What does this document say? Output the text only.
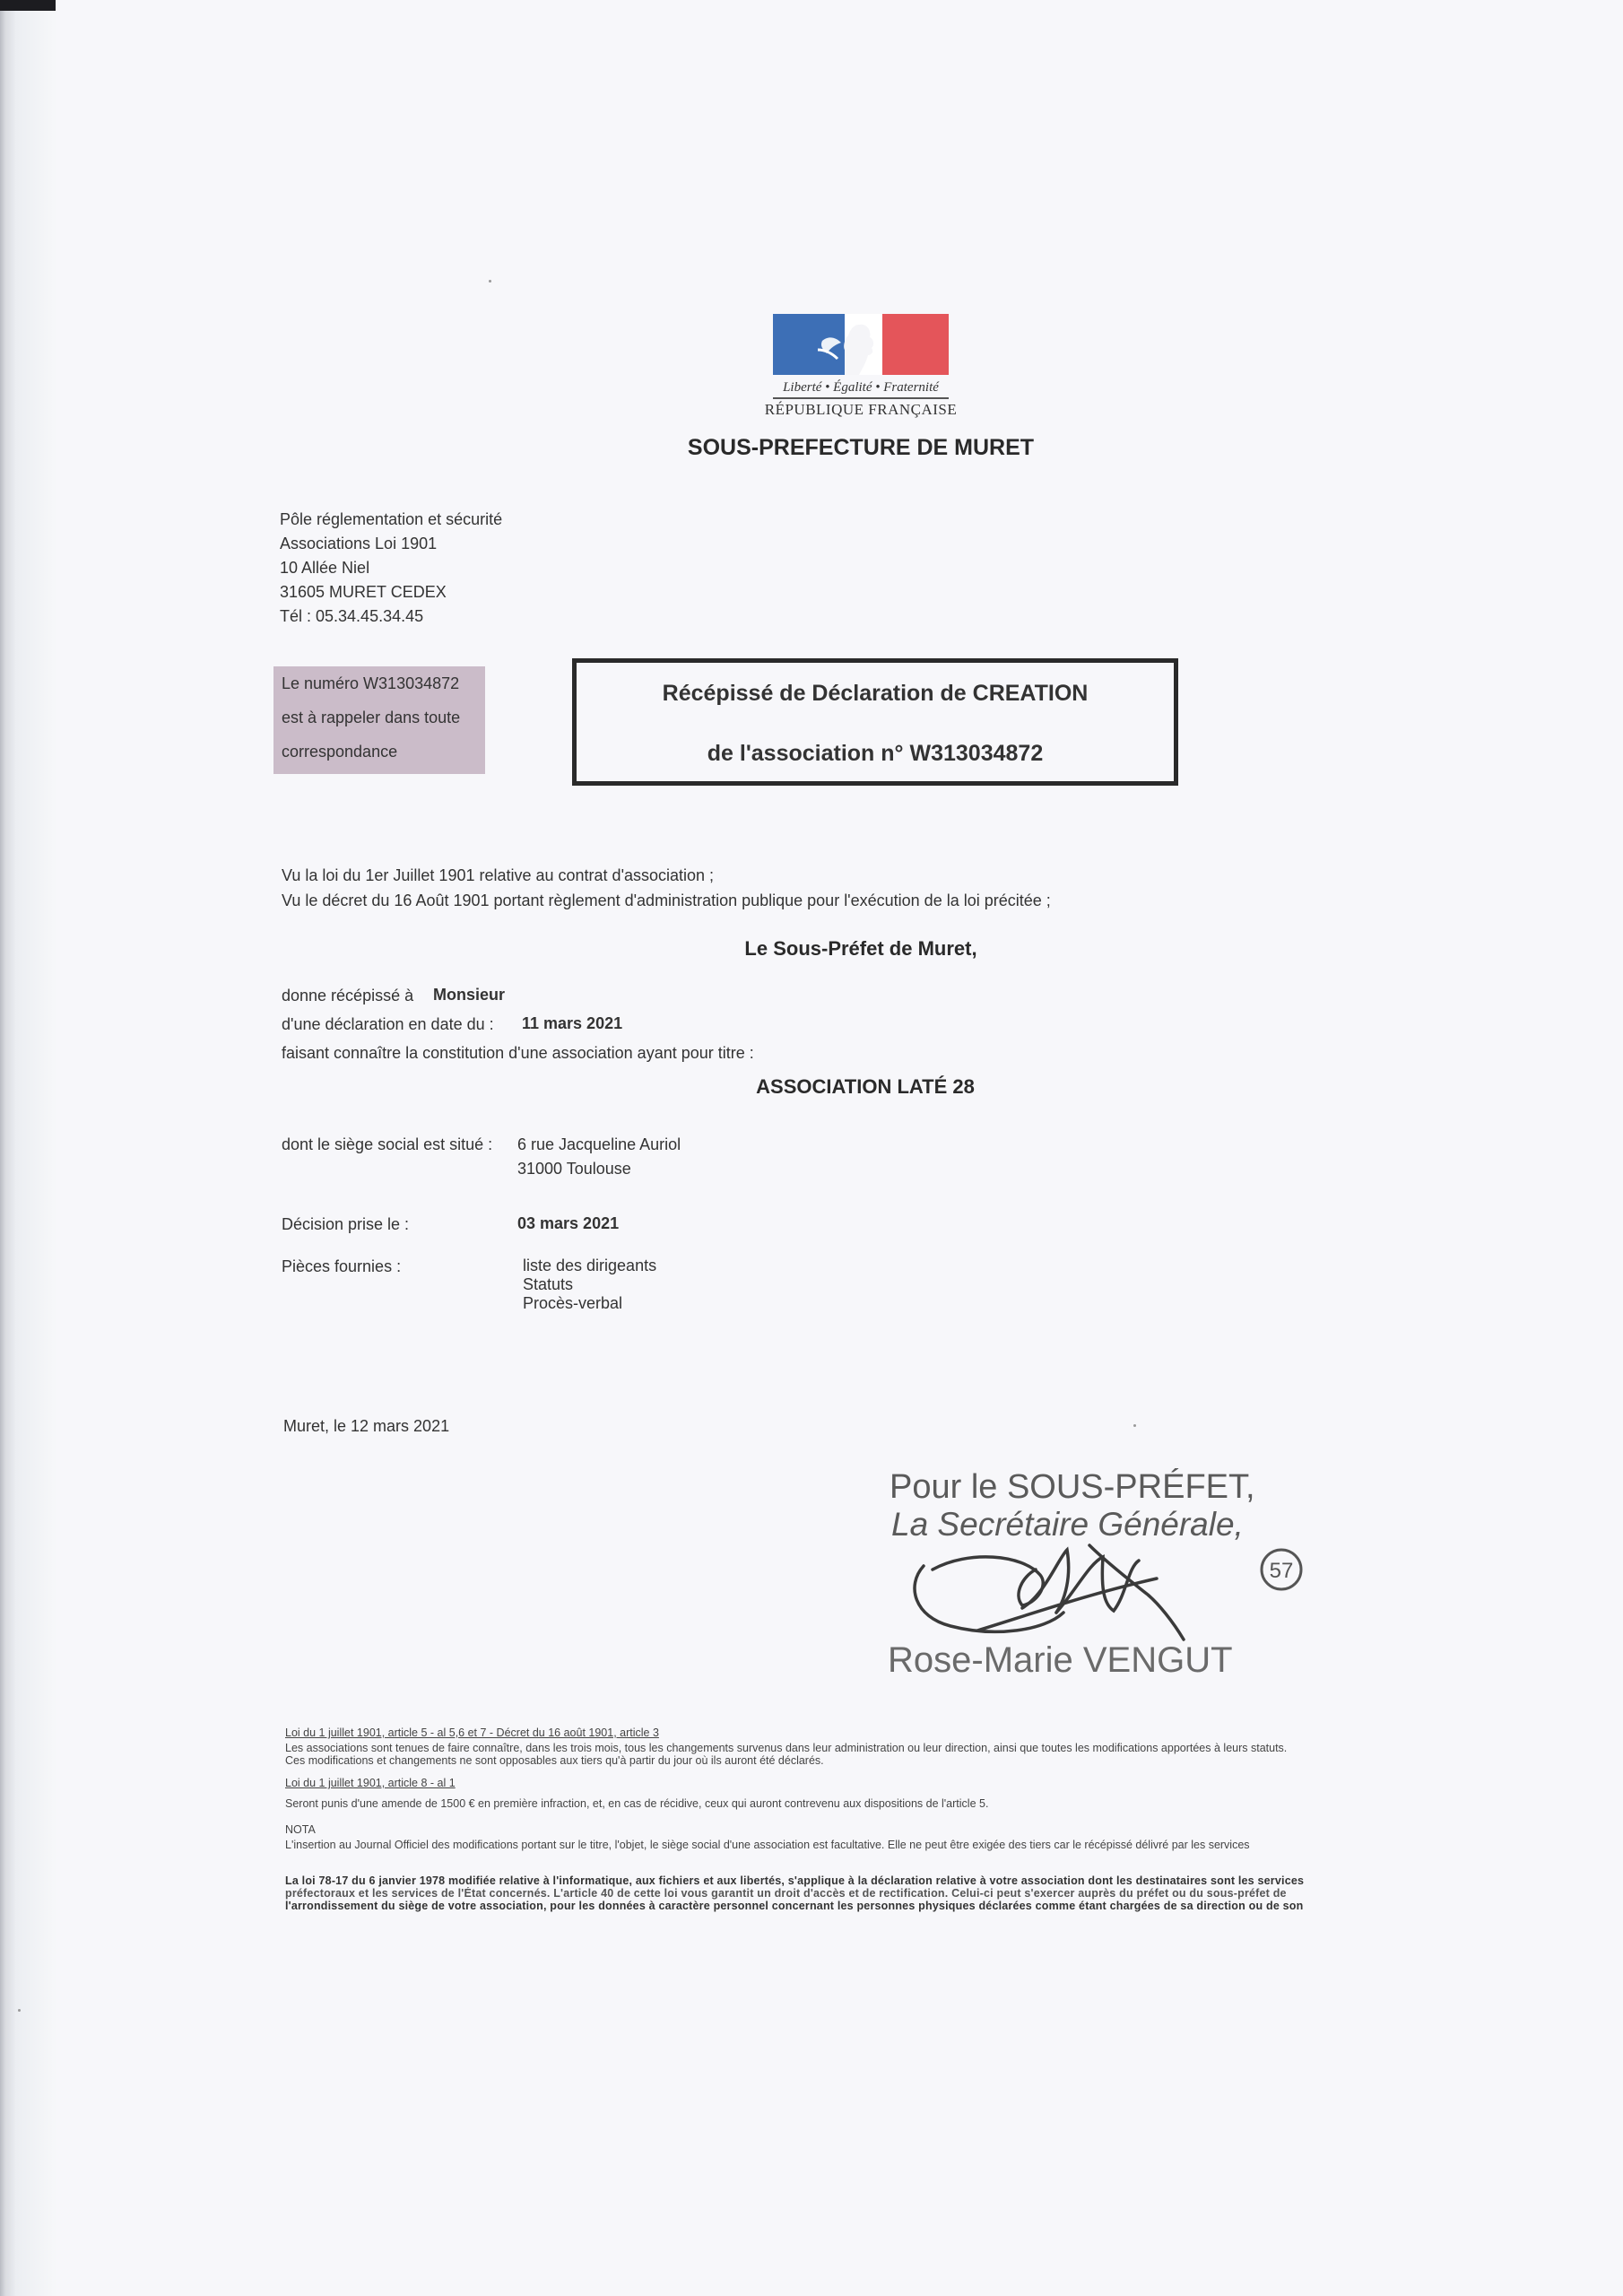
Liberté • Égalité • Fraternité
RÉPUBLIQUE FRANÇAISE
SOUS-PREFECTURE DE MURET
Pôle réglementation et sécurité
Associations Loi 1901
10 Allée Niel
31605 MURET CEDEX
Tél : 05.34.45.34.45
Le numéro W313034872
est à rappeler dans toute
correspondance
Récépissé de Déclaration de CREATION
de l'association n° W313034872
Vu la loi du 1er Juillet 1901 relative au contrat d'association ;
Vu le décret du 16 Août 1901 portant règlement d'administration publique pour l'exécution de la loi précitée ;
Le Sous-Préfet de Muret,
donne récépissé à Monsieur
d'une déclaration en date du : 11 mars 2021
faisant connaître la constitution d'une association ayant pour titre :
ASSOCIATION LATÉ 28
dont le siège social est situé : 6 rue Jacqueline Auriol
31000 Toulouse
Décision prise le :	03 mars 2021
Pièces fournies :	liste des dirigeants
Statuts
Procès-verbal
Muret, le 12 mars 2021
Pour le SOUS-PRÉFET,
La Secrétaire Générale,
Rose-Marie VENGUT
57
Loi du 1 juillet 1901, article 5 - al 5,6 et 7 - Décret du 16 août 1901, article 3
Les associations sont tenues de faire connaître, dans les trois mois, tous les changements survenus dans leur administration ou leur direction, ainsi que toutes les modifications apportées à leurs statuts.
Ces modifications et changements ne sont opposables aux tiers qu'à partir du jour où ils auront été déclarés.
Loi du 1 juillet 1901, article 8 - al 1
Seront punis d'une amende de 1500 € en première infraction, et, en cas de récidive, ceux qui auront contrevenu aux dispositions de l'article 5.
NOTA
L'insertion au Journal Officiel des modifications portant sur le titre, l'objet, le siège social d'une association est facultative. Elle ne peut être exigée des tiers car le récépissé délivré par les services
La loi 78-17 du 6 janvier 1978 modifiée relative à l'informatique, aux fichiers et aux libertés, s'applique à la déclaration relative à votre association dont les destinataires sont les services
préfectoraux et les services de l'État concernés. L'article 40 de cette loi vous garantit un droit d'accès et de rectification. Celui-ci peut s'exercer auprès du préfet ou du sous-préfet de
l'arrondissement du siège de votre association, pour les données à caractère personnel concernant les personnes physiques déclarées comme étant chargées de sa direction ou de son
